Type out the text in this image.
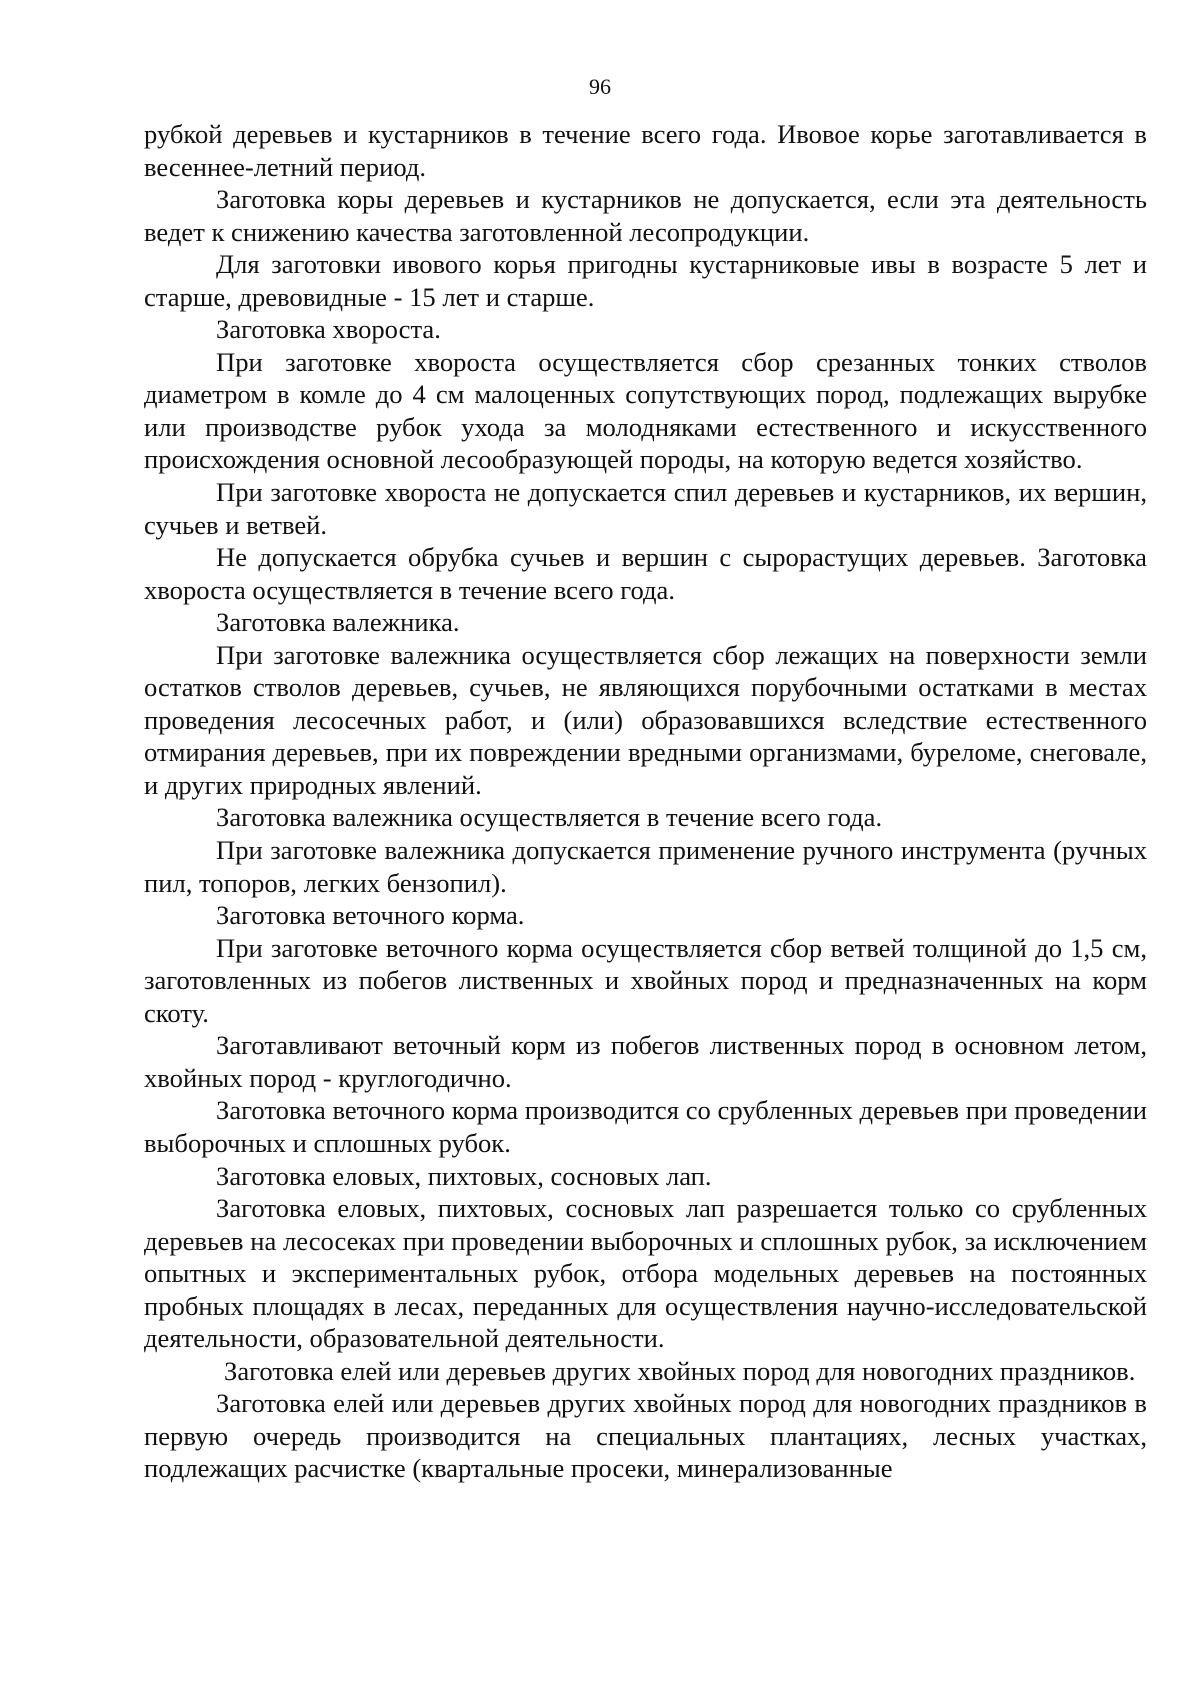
96

рубкой деревьев и кустарников в течение всего года. Ивовое корье заготавливается в весеннее-летний период.

Заготовка коры деревьев и кустарников не допускается, если эта деятельность ведет к снижению качества заготовленной лесопродукции.

Для заготовки ивового корья пригодны кустарниковые ивы в возрасте 5 лет и старше, древовидные - 15 лет и старше.

Заготовка хвороста.

При заготовке хвороста осуществляется сбор срезанных тонких стволов диаметром в комле до 4 см малоценных сопутствующих пород, подлежащих вырубке или производстве рубок ухода за молодняками естественного и искусственного происхождения основной лесообразующей породы, на которую ведется хозяйство.

При заготовке хвороста не допускается спил деревьев и кустарников, их вершин, сучьев и ветвей.

Не допускается обрубка сучьев и вершин с сырорастущих деревьев. Заготовка хвороста осуществляется в течение всего года.

Заготовка валежника.

При заготовке валежника осуществляется сбор лежащих на поверхности земли остатков стволов деревьев, сучьев, не являющихся порубочными остатками в местах проведения лесосечных работ, и (или) образовавшихся вследствие естественного отмирания деревьев, при их повреждении вредными организмами, буреломе, снеговале, и других природных явлений.

Заготовка валежника осуществляется в течение всего года.

При заготовке валежника допускается применение ручного инструмента (ручных пил, топоров, легких бензопил).

Заготовка веточного корма.

При заготовке веточного корма осуществляется сбор ветвей толщиной до 1,5 см, заготовленных из побегов лиственных и хвойных пород и предназначенных на корм скоту.

Заготавливают веточный корм из побегов лиственных пород в основном летом, хвойных пород - круглогодично.

Заготовка веточного корма производится со срубленных деревьев при проведении выборочных и сплошных рубок.

Заготовка еловых, пихтовых, сосновых лап.

Заготовка еловых, пихтовых, сосновых лап разрешается только со срубленных деревьев на лесосеках при проведении выборочных и сплошных рубок, за исключением опытных и экспериментальных рубок, отбора модельных деревьев на постоянных пробных площадях в лесах, переданных для осуществления научно-исследовательской деятельности, образовательной деятельности.

Заготовка елей или деревьев других хвойных пород для новогодних праздников.

Заготовка елей или деревьев других хвойных пород для новогодних праздников в первую очередь производится на специальных плантациях, лесных участках, подлежащих расчистке (квартальные просеки, минерализованные
